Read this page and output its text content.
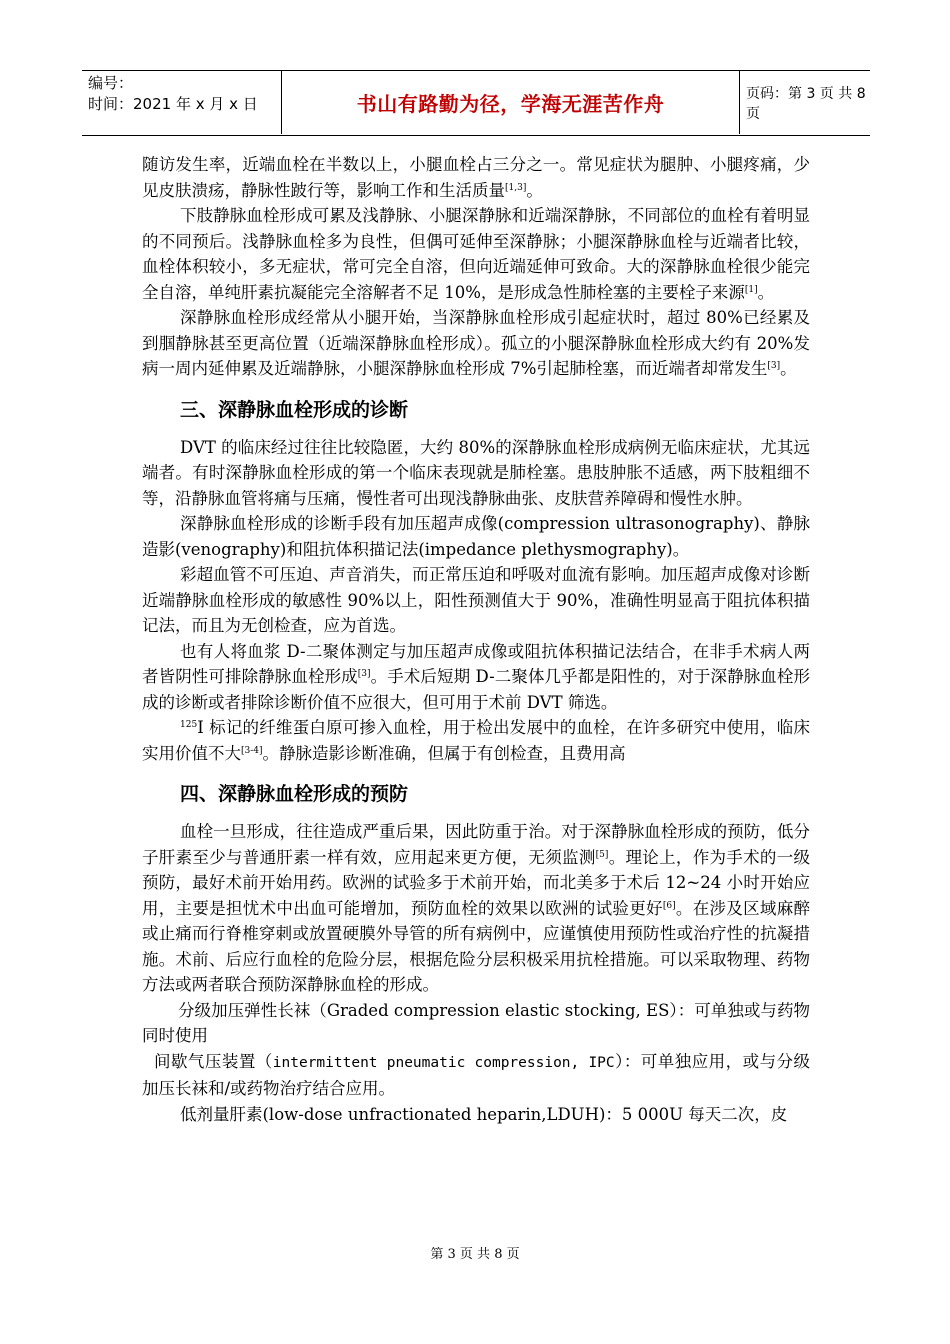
编号：
时间：2021 年 x 月 x 日	书山有路勤为径，学海无涯苦作舟	页码：第 3 页 共 8 页

随访发生率，近端血栓在半数以上，小腿血栓占三分之一。常见症状为腿肿、小腿疼痛，少见皮肤溃疡，静脉性跛行等，影响工作和生活质量[1,3]。

下肢静脉血栓形成可累及浅静脉、小腿深静脉和近端深静脉，不同部位的血栓有着明显的不同预后。浅静脉血栓多为良性，但偶可延伸至深静脉；小腿深静脉血栓与近端者比较，血栓体积较小，多无症状，常可完全自溶，但向近端延伸可致命。大的深静脉血栓很少能完全自溶，单纯肝素抗凝能完全溶解者不足 10%，是形成急性肺栓塞的主要栓子来源[1]。

深静脉血栓形成经常从小腿开始，当深静脉血栓形成引起症状时，超过 80%已经累及到腘静脉甚至更高位置（近端深静脉血栓形成）。孤立的小腿深静脉血栓形成大约有 20%发病一周内延伸累及近端静脉，小腿深静脉血栓形成 7%引起肺栓塞，而近端者却常发生[3]。

三、深静脉血栓形成的诊断

DVT 的临床经过往往比较隐匿，大约 80%的深静脉血栓形成病例无临床症状，尤其远端者。有时深静脉血栓形成的第一个临床表现就是肺栓塞。患肢肿胀不适感，两下肢粗细不等，沿静脉血管将痛与压痛，慢性者可出现浅静脉曲张、皮肤营养障碍和慢性水肿。

深静脉血栓形成的诊断手段有加压超声成像(compression ultrasonography)、静脉造影(venography)和阻抗体积描记法(impedance plethysmography)。

彩超血管不可压迫、声音消失，而正常压迫和呼吸对血流有影响。加压超声成像对诊断近端静脉血栓形成的敏感性 90%以上，阳性预测值大于 90%，准确性明显高于阻抗体积描记法，而且为无创检查，应为首选。

也有人将血浆 D-二聚体测定与加压超声成像或阻抗体积描记法结合，在非手术病人两者皆阴性可排除静脉血栓形成[3]。手术后短期 D-二聚体几乎都是阳性的，对于深静脉血栓形成的诊断或者排除诊断价值不应很大，但可用于术前 DVT 筛选。

$^{125}$I 标记的纤维蛋白原可掺入血栓，用于检出发展中的血栓，在许多研究中使用，临床实用价值不大[3-4]。静脉造影诊断准确，但属于有创检查，且费用高

四、深静脉血栓形成的预防

血栓一旦形成，往往造成严重后果，因此防重于治。对于深静脉血栓形成的预防，低分子肝素至少与普通肝素一样有效，应用起来更方便，无须监测[5]。理论上，作为手术的一级预防，最好术前开始用药。欧洲的试验多于术前开始，而北美多于术后 12~24 小时开始应用，主要是担忧术中出血可能增加，预防血栓的效果以欧洲的试验更好[6]。在涉及区域麻醉或止痛而行脊椎穿刺或放置硬膜外导管的所有病例中，应谨慎使用预防性或治疗性的抗凝措施。术前、后应行血栓的危险分层，根据危险分层积极采用抗栓措施。可以采取物理、药物方法或两者联合预防深静脉血栓的形成。

分级加压弹性长袜（Graded compression elastic stocking, ES）：可单独或与药物同时使用

间歇气压装置（intermittent pneumatic compression, IPC）：可单独应用，或与分级加压长袜和/或药物治疗结合应用。

低剂量肝素(low-dose unfractionated heparin,LDUH)：5 000U 每天二次，皮

第 3 页 共 8 页
